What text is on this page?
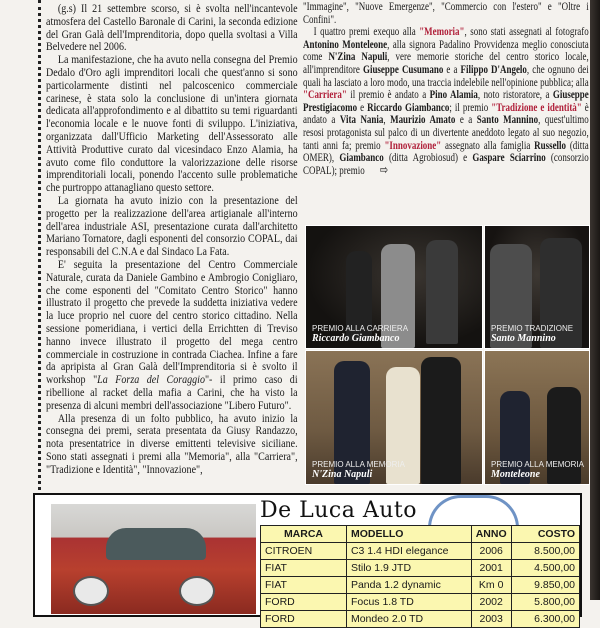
(g.s) Il 21 settembre scorso, si è svolta nell'incantevole atmosfera del Castello Baronale di Carini, la seconda edizione del Gran Galà dell'Imprenditoria, dopo quella svoltasi a Villa Belvedere nel 2006.

La manifestazione, che ha avuto nella consegna del Premio Dedalo d'Oro agli imprenditori locali che quest'anno si sono particolarmente distinti nel palcoscenico commerciale carinese, è stata solo la conclusione di un'intera giornata dedicata all'approfondimento e al dibattito su temi riguardanti l'economia locale e le nuove fonti di sviluppo. L'iniziativa, organizzata dall'Ufficio Marketing dell'Assessorato alle Attività Produttive curato dal vicesindaco Enzo Alamia, ha avuto come filo conduttore la valorizzazione delle risorse imprenditoriali locali, ponendo l'accento sulle problematiche che purtroppo attanagliano questo settore.

La giornata ha avuto inizio con la presentazione del progetto per la realizzazione dell'area artigianale all'interno dell'area industriale ASI, presentazione curata dall'architetto Mariano Tornatore, dagli esponenti del consorzio COPAL, dai responsabili del C.N.A e dal Sindaco La Fata.

E' seguita la presentazione del Centro Commerciale Naturale, curata da Daniele Gambino e Ambrogio Conigliaro, che come esponenti del "Comitato Centro Storico" hanno illustrato il progetto che prevede la suddetta iniziativa vedere la luce proprio nel cuore del centro storico cittadino. Nella sessione pomeridiana, i vertici della Errichtten di Treviso hanno invece illustrato il progetto del mega centro commerciale in costruzione in contrada Ciachea. Infine a fare da apripista al Gran Galà dell'Imprenditoria si è svolto il workshop "La Forza del Coraggio"- il primo caso di ribellione al racket della mafia a Carini, che ha visto la presenza di alcuni membri dell'associazione "Libero Futuro".

Alla presenza di un folto pubblico, ha avuto inizio la consegna dei premi, serata presentata da Giusy Randazzo, nota presentatrice in diverse emittenti televisive siciliane. Sono stati assegnati i premi alla "Memoria", alla "Carriera", "Tradizione e Identità", "Innovazione",

"Immagine", "Nuove Emergenze", "Commercio con l'estero" e "Oltre i Confini".

I quattro premi exequo alla "Memoria", sono stati assegnati al fotografo Antonino Monteleone, alla signora Padalino Provvidenza meglio conosciuta come N'Zina Napuli, vere memorie storiche del centro storico locale, all'imprenditore Giuseppe Cusumano e a Filippo D'Angelo, che ognuno dei quali ha lasciato a loro modo, una traccia indelebile nell'opinione pubblica; alla "Carriera" il premio è andato a Pino Alamia, noto ristoratore, a Giuseppe Prestigiacomo e Riccardo Giambanco; il premio "Tradizione e identità" è andato a Vita Nania, Maurizio Amato e a Santo Mannino, quest'ultimo resosi protagonista sul palco di un divertente aneddoto legato al suo negozio, tanti anni fa; premio "Innovazione" assegnato alla famiglia Russello (ditta OMER), Giambanco (ditta Agrobiosud) e Gaspare Sciarrino (consorzio COPAL); premio ⇨

PREMIO ALLA CARRIERA
Riccardo Giambanco
PREMIO TRADIZIONE
Santo Mannino
PREMIO ALLA MEMORIA
N'Zina Napuli
PREMIO ALLA MEMORIA
Monteleone
De Luca Auto
MARCA	MODELLO	ANNO	COSTO
CITROEN	C3 1.4 HDI elegance	2006	8.500,00
FIAT	Stilo 1.9 JTD	2001	4.500,00
FIAT	Panda 1.2 dynamic	Km 0	9.850,00
FORD	Focus 1.8 TD	2002	5.800,00
FORD	Mondeo 2.0 TD	2003	6.300,00
